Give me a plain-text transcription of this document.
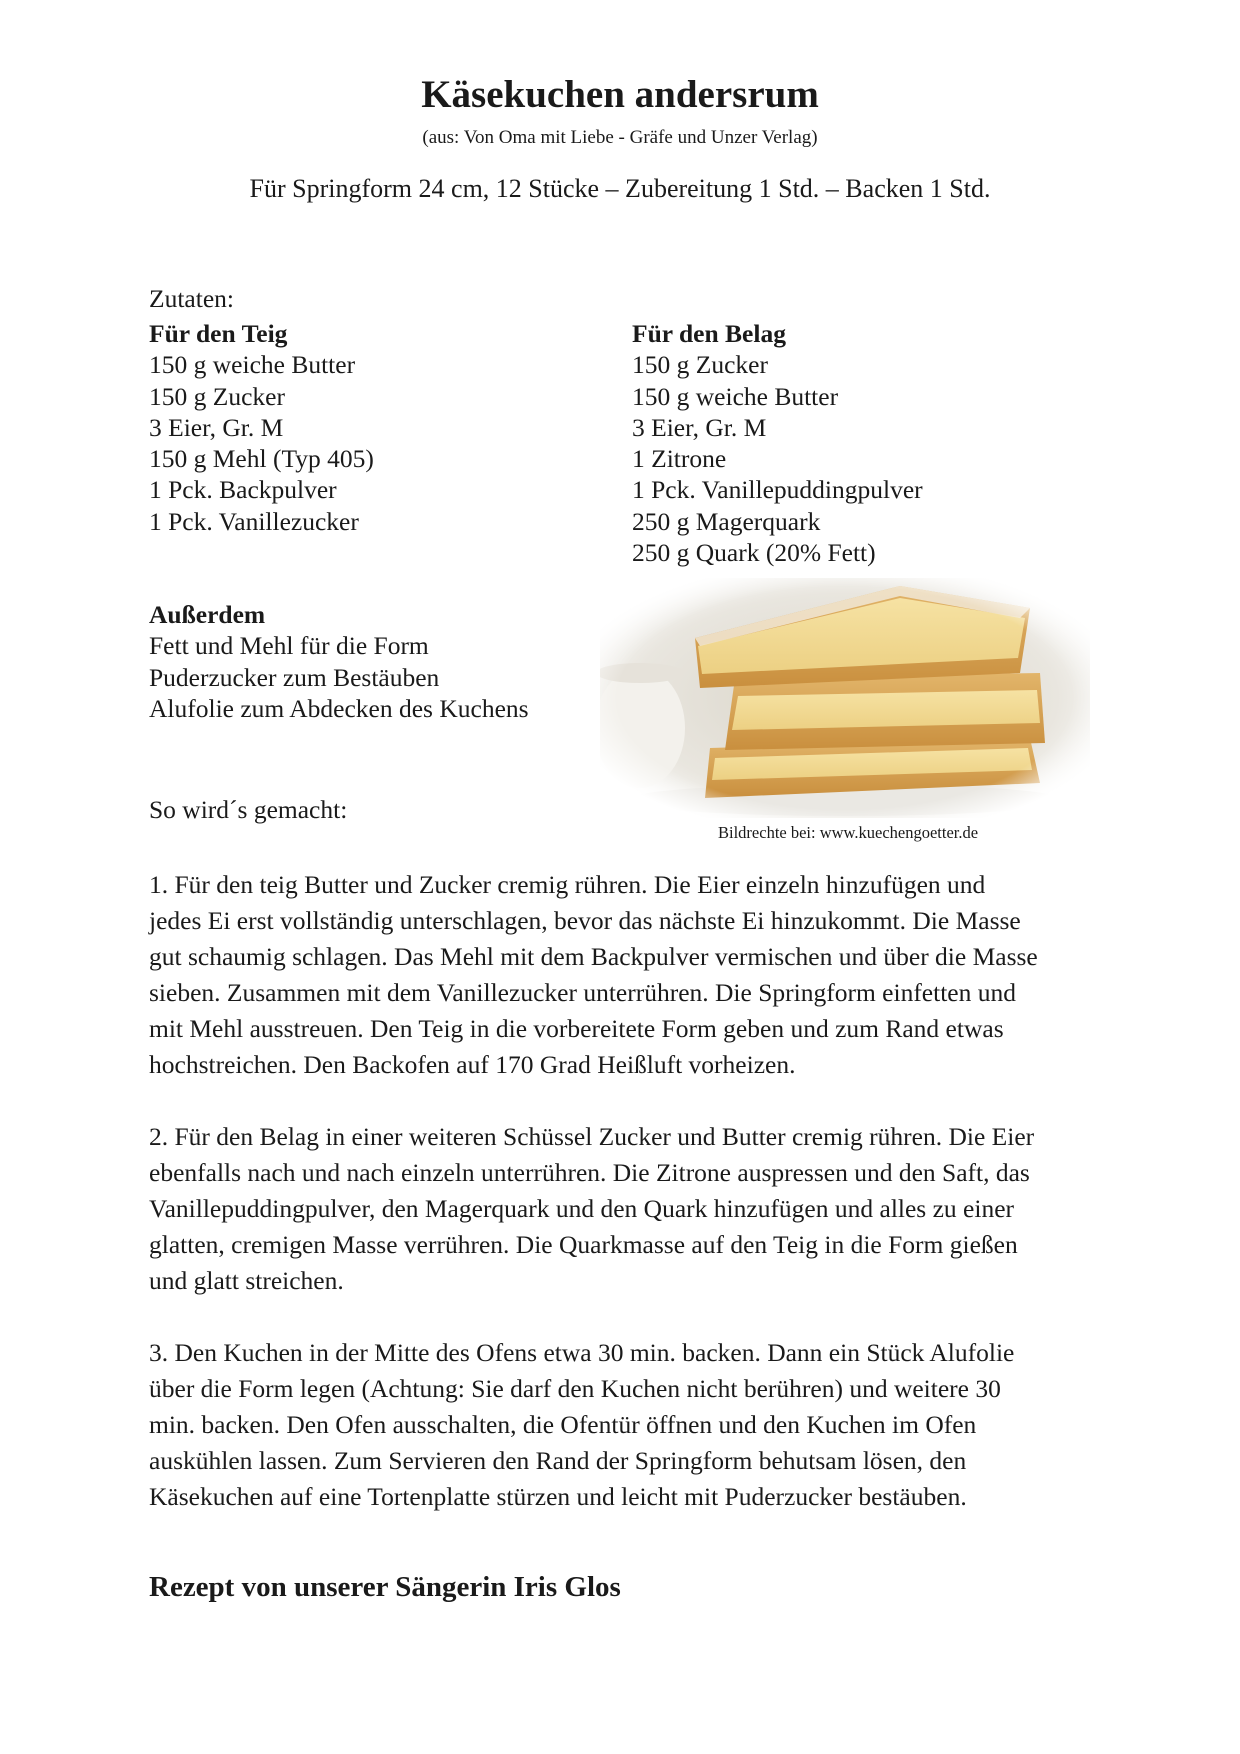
Käsekuchen andersrum
(aus: Von Oma mit Liebe - Gräfe und Unzer Verlag)
Für Springform 24 cm, 12 Stücke – Zubereitung 1 Std. – Backen 1 Std.
Zutaten:
Für den Teig
150 g weiche Butter
150 g Zucker
3 Eier, Gr. M
150 g Mehl (Typ 405)
1 Pck. Backpulver
1 Pck. Vanillezucker
Für den Belag
150 g Zucker
150 g weiche Butter
3 Eier, Gr. M
1 Zitrone
1 Pck. Vanillepuddingpulver
250 g Magerquark
250 g Quark (20% Fett)
Außerdem
Fett und Mehl für die Form
Puderzucker zum Bestäuben
Alufolie zum Abdecken des Kuchens
Bildrechte bei: www.kuechengoetter.de
So wird´s gemacht:
1. Für den teig Butter und Zucker cremig rühren. Die Eier einzeln hinzufügen und
jedes Ei erst vollständig unterschlagen, bevor das nächste Ei hinzukommt. Die Masse
gut schaumig schlagen. Das Mehl mit dem Backpulver vermischen und über die Masse
sieben. Zusammen mit dem Vanillezucker unterrühren. Die Springform einfetten und
mit Mehl ausstreuen. Den Teig in die vorbereitete Form geben und zum Rand etwas
hochstreichen. Den Backofen auf 170 Grad Heißluft vorheizen.
2. Für den Belag in einer weiteren Schüssel Zucker und Butter cremig rühren. Die Eier
ebenfalls nach und nach einzeln unterrühren. Die Zitrone auspressen und den Saft, das
Vanillepuddingpulver, den Magerquark und den Quark hinzufügen und alles zu einer
glatten, cremigen Masse verrühren. Die Quarkmasse auf den Teig in die Form gießen
und glatt streichen.
3. Den Kuchen in der Mitte des Ofens etwa 30 min. backen. Dann ein Stück Alufolie
über die Form legen (Achtung: Sie darf den Kuchen nicht berühren) und weitere 30
min. backen. Den Ofen ausschalten, die Ofentür öffnen und den Kuchen im Ofen
auskühlen lassen. Zum Servieren den Rand der Springform behutsam lösen, den
Käsekuchen auf eine Tortenplatte stürzen und leicht mit Puderzucker bestäuben.
Rezept von unserer Sängerin Iris Glos
